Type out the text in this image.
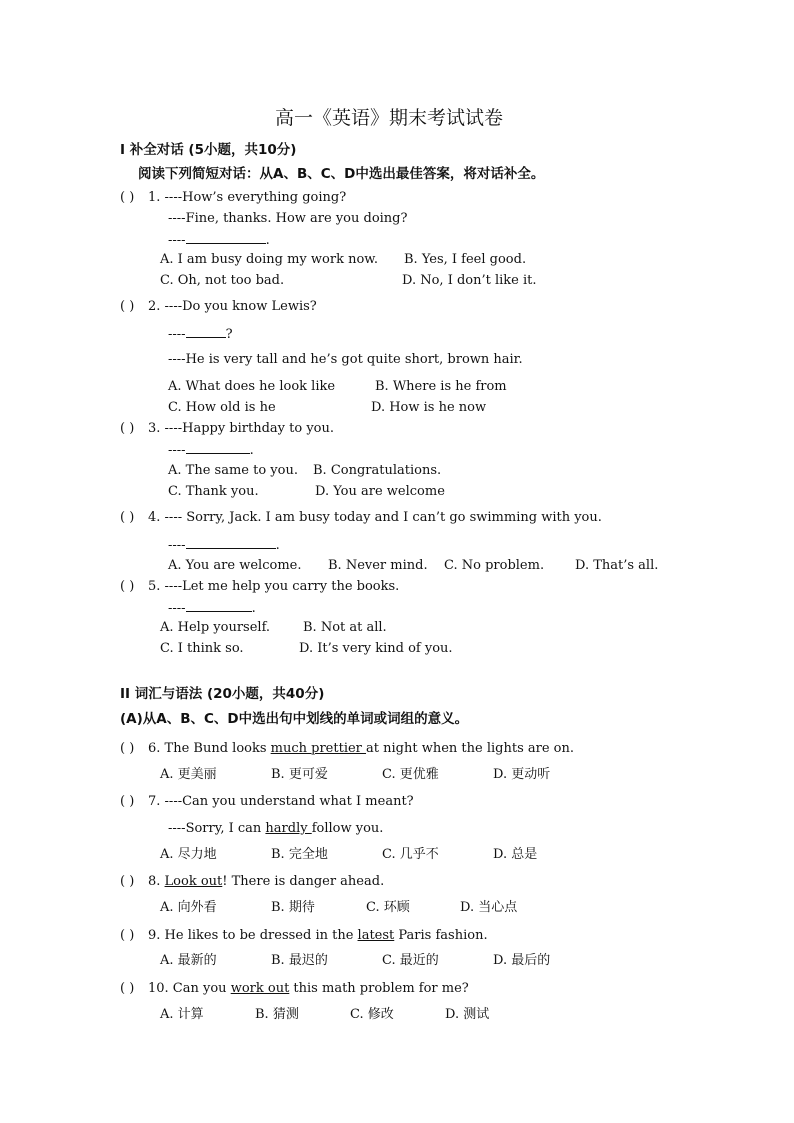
高一《英语》期末考试试卷
I 补全对话 (5小题，共10分)
阅读下列简短对话：从A、B、C、D中选出最佳答案，将对话补全。
( ) 1. ----How’s everything going?
----Fine, thanks. How are you doing?
----	.
A. I am busy doing my work now. B. Yes, I feel good.
C. Oh, not too bad.	D. No, I don’t like it.
( ) 2. ----Do you know Lewis?
----	?
----He is very tall and he’s got quite short, brown hair.
A. What does he look like	B. Where is he from
C. How old is he	D. How is he now
( ) 3. ----Happy birthday to you.
----	.
A. The same to you. B. Congratulations.
C. Thank you.	D. You are welcome
( ) 4. ---- Sorry, Jack. I am busy today and I can’t go swimming with you.
----	.
A. You are welcome. B. Never mind. C. No problem. D. That’s all.
( ) 5. ----Let me help you carry the books.
----	.
A. Help yourself.	B. Not at all.
C. I think so.	D. It’s very kind of you.
II 词汇与语法 (20小题，共40分)
(A)从A、B、C、D中选出句中划线的单词或词组的意义。
( ) 6. The Bund looks much prettier at night when the lights are on.
A. 更美丽	B. 更可爱	C. 更优雅	D. 更动听
( ) 7. ----Can you understand what I meant?
----Sorry, I can hardly follow you.
A. 尽力地	B. 完全地	C. 几乎不	D. 总是
( ) 8. Look out! There is danger ahead.
A. 向外看	B. 期待	C. 环顾	D. 当心点
( ) 9. He likes to be dressed in the latest Paris fashion.
A. 最新的	B. 最迟的	C. 最近的	D. 最后的
( ) 10. Can you work out this math problem for me?
A. 计算	B. 猜测	C. 修改	D. 测试
